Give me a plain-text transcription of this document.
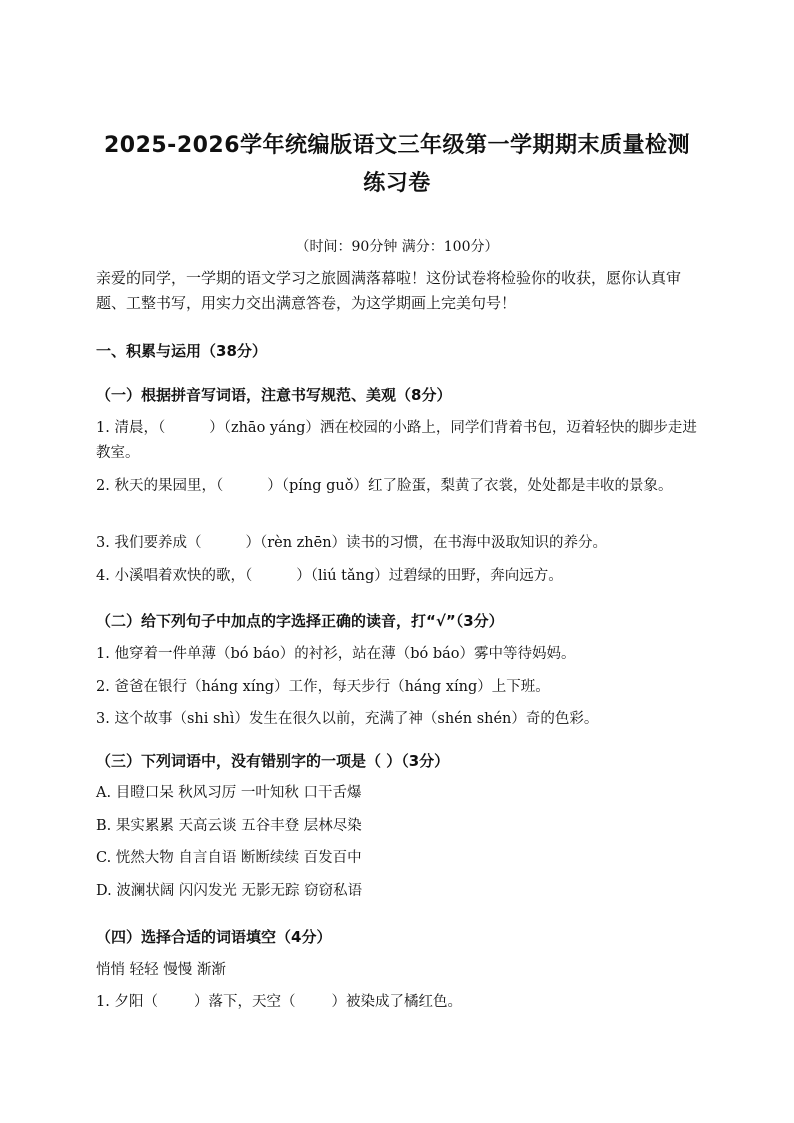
2025-2026学年统编版语文三年级第一学期期末质量检测
练习卷
（时间：90分钟 满分：100分）
亲爱的同学，一学期的语文学习之旅圆满落幕啦！这份试卷将检验你的收获，愿你认真审题、工整书写，用实力交出满意答卷，为这学期画上完美句号！
一、积累与运用（38分）
（一）根据拼音写词语，注意书写规范、美观（8分）
1. 清晨，（	）（zhāo yáng）洒在校园的小路上，同学们背着书包，迈着轻快的脚步走进教室。
2. 秋天的果园里，（	）（píng guǒ）红了脸蛋，梨黄了衣裳，处处都是丰收的景象。
3. 我们要养成（	）（rèn zhēn）读书的习惯，在书海中汲取知识的养分。
4. 小溪唱着欢快的歌，（	）（liú tǎng）过碧绿的田野，奔向远方。
（二）给下列句子中加点的字选择正确的读音，打“√”（3分）
1. 他穿着一件单薄（bó báo）的衬衫，站在薄（bó báo）雾中等待妈妈。
2. 爸爸在银行（háng xíng）工作，每天步行（háng xíng）上下班。
3. 这个故事（shi shì）发生在很久以前，充满了神（shén shén）奇的色彩。
（三）下列词语中，没有错别字的一项是（ ）（3分）
A. 目瞪口呆 秋风习厉 一叶知秋 口干舌爆
B. 果实累累 天高云谈 五谷丰登 层林尽染
C. 恍然大物 自言自语 断断续续 百发百中
D. 波澜状阔 闪闪发光 无影无踪 窃窃私语
（四）选择合适的词语填空（4分）
悄悄 轻轻 慢慢 渐渐
1. 夕阳（ ）落下，天空（ ）被染成了橘红色。
